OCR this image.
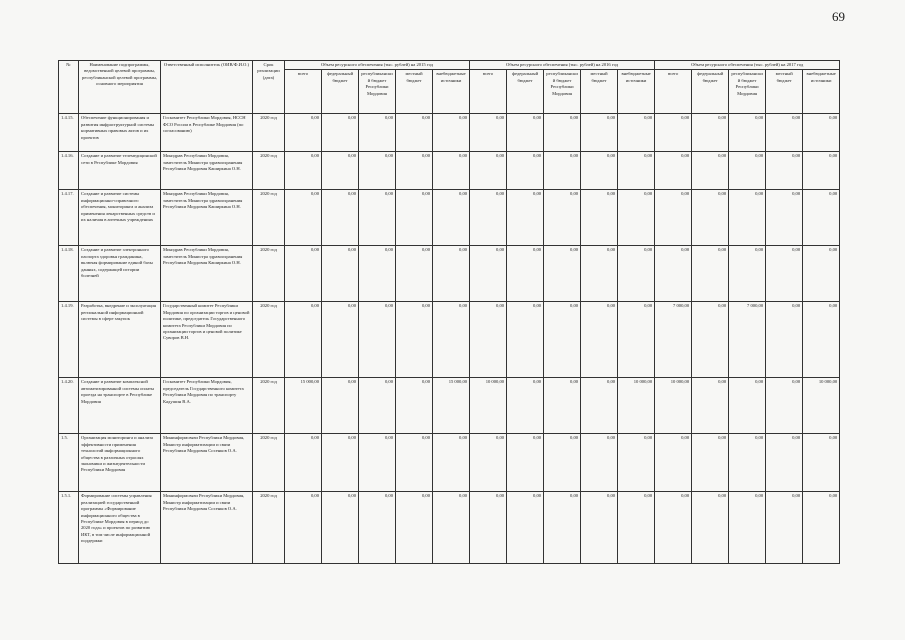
69
№	Наименование подпрограммы, ведомственной целевой программы, республиканской целевой программы, основного мероприятия	Ответственный исполнитель (ОИВ/Ф.И.О.)	Срок реализации (дата)	Объем ресурсного обеспечения (тыс. рублей) на 2015 год					Объем ресурсного обеспечения (тыс. рублей) на 2016 год					Объем ресурсного обеспечения (тыс. рублей) на 2017 год				
				всего	федеральный бюджет	республиканский бюджет Республики Мордовия	местный бюджет	внебюджетные источники	всего	федеральный бюджет	республиканский бюджет Республики Мордовия	местный бюджет	внебюджетные источники	всего	федеральный бюджет	республиканский бюджет Республики Мордовия	местный бюджет	внебюджетные источники
1.4.15.	Обеспечение функционирования и развития инфраструктурной системы нормативных правовых актов и их проектов	Госкомитет Республики Мордовия, НССН ФСО России в Республике Мордовия (по согласованию)	2020 год	0,00	0,00	0,00	0,00	0,00	0,00	0,00	0,00	0,00	0,00	0,00	0,00	0,00	0,00	0,00
1.4.16.	Создание и развитие телемедицинской сети в Республике Мордовия	Минздрав Республики Мордовия, заместитель Министра здравоохранения Республики Мордовия Каширкина О.Н.	2020 год	0,00	0,00	0,00	0,00	0,00	0,00	0,00	0,00	0,00	0,00	0,00	0,00	0,00	0,00	0,00
1.4.17.	Создание и развитие системы информационно-справочного обеспечения, мониторинга и анализа применения лекарственных средств и их наличия в аптечных учреждениях	Минздрав Республики Мордовия, заместитель Министра здравоохранения Республики Мордовия Каширкина О.Н.	2020 год	0,00	0,00	0,00	0,00	0,00	0,00	0,00	0,00	0,00	0,00	0,00	0,00	0,00	0,00	0,00
1.4.18.	Создание и развитие электронного паспорта здоровья гражданина, включая формирование единой базы данных, содержащей истории болезней	Минздрав Республики Мордовия, заместитель Министра здравоохранения Республики Мордовия Каширкина О.Н.	2020 год	0,00	0,00	0,00	0,00	0,00	0,00	0,00	0,00	0,00	0,00	0,00	0,00	0,00	0,00	0,00
1.4.19.	Разработка, внедрение и эксплуатация региональной информационной системы в сфере закупок	Государственный комитет Республики Мордовия по организации торгов и ценовой политике, председатель Государственного комитета Республики Мордовия по организации торгов и ценовой политике Суворов В.Н.	2020 год	0,00	0,00	0,00	0,00	0,00	0,00	0,00	0,00	0,00	0,00	7 000,00	0,00	7 000,00	0,00	0,00
1.4.20.	Создание и развитие комплексной автоматизированной системы оплаты проезда на транспорте в Республике Мордовия	Госкомитет Республики Мордовия, председатель Государственного комитета Республики Мордовия по транспорту Кадушин В.А.	2020 год	15 000,00	0,00	0,00	0,00	15 000,00	10 000,00	0,00	0,00	0,00	10 000,00	10 000,00	0,00	0,00	0,00	10 000,00
1.5.	Организация мониторинга и анализа эффективности применения технологий информационного общества в различных отраслях экономики и жизнедеятельности Республики Мордовия	Мининформсвязи Республики Мордовия, Министр информатизации и связи Республики Мордовия Сосенков О.А.	2020 год	0,00	0,00	0,00	0,00	0,00	0,00	0,00	0,00	0,00	0,00	0,00	0,00	0,00	0,00	0,00
1.5.1.	Формирование системы управления реализацией государственной программы «Формирование информационного общества в Республике Мордовия в период до 2020 года» и проектов по развитию ИКТ, в том числе информационной поддержки	Мининформсвязи Республики Мордовия, Министр информатизации и связи Республики Мордовия Сосенков О.А.	2020 год	0,00	0,00	0,00	0,00	0,00	0,00	0,00	0,00	0,00	0,00	0,00	0,00	0,00	0,00	0,00
